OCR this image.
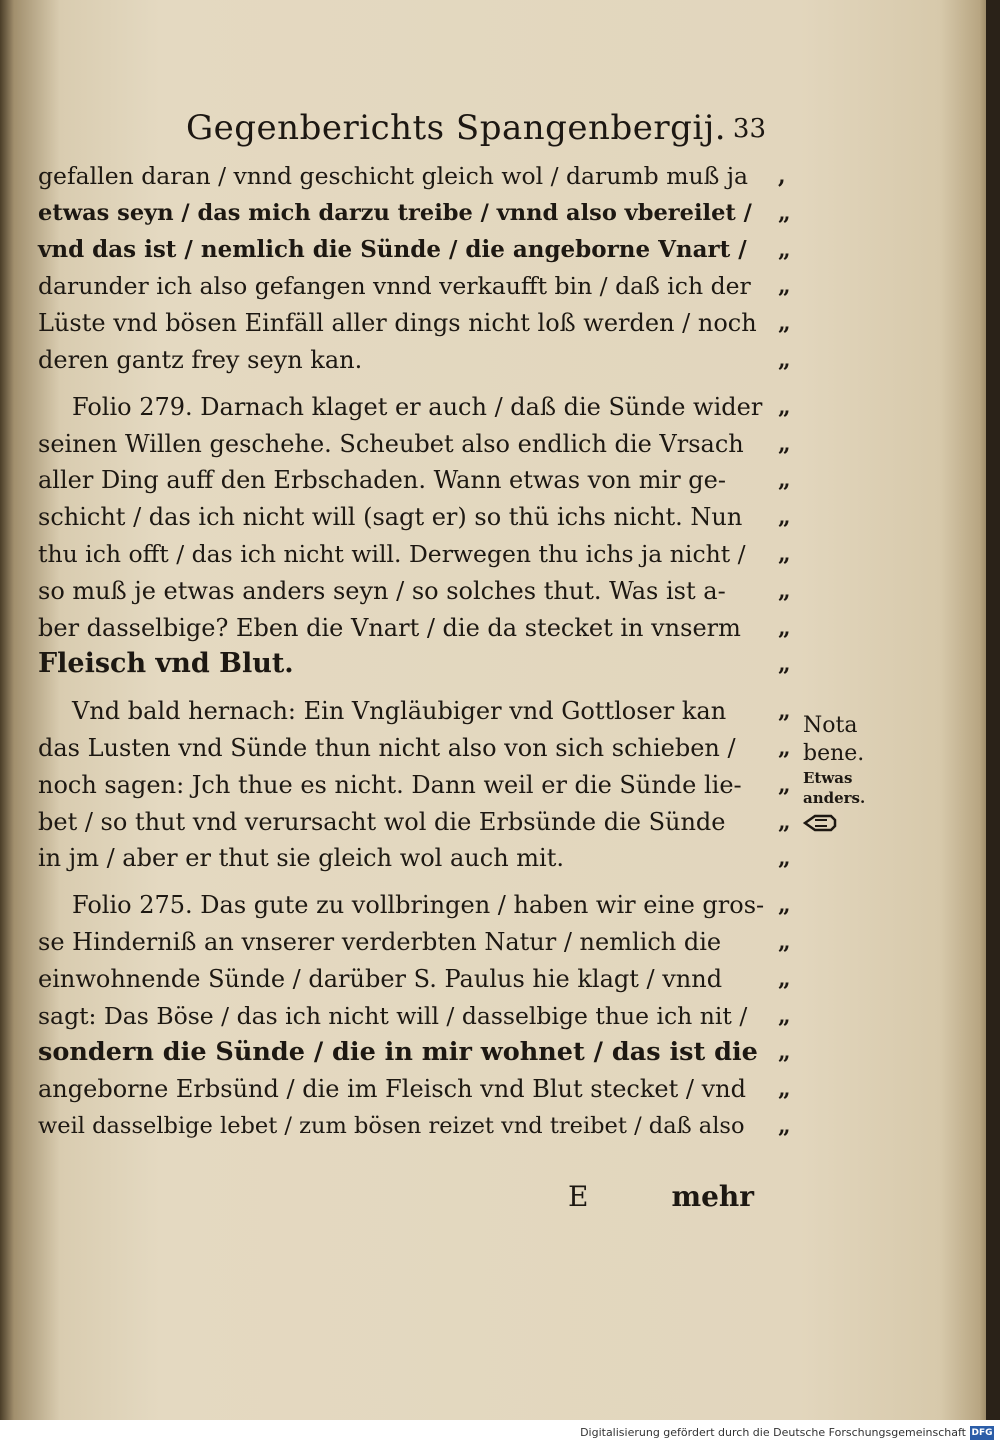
Gegenberichts Spangenbergij. 33
gefallen daran / vnnd geschicht gleich wol / darumb muß ja ,
etwas seyn / das mich darzu treibe / vnnd also vbereilet / „
vnd das ist / nemlich die Sünde / die angeborne Vnart / „
darunder ich also gefangen vnnd verkaufft bin / daß ich der „
Lüste vnd bösen Einfäll aller dings nicht loß werden / noch „
deren gantz frey seyn kan.	„
Folio 279. Darnach klaget er auch / daß die Sünde wider „
seinen Willen geschehe. Scheubet also endlich die Vrsach „
aller Ding auff den Erbschaden. Wann etwas von mir ge- „
schicht / das ich nicht will (sagt er) so thü ichs nicht. Nun „
thu ich offt / das ich nicht will. Derwegen thu ichs ja nicht / „
so muß je etwas anders seyn / so solches thut. Was ist a- „
ber dasselbige? Eben die Vnart / die da stecket in vnserm „
Fleisch vnd Blut.	„
Vnd bald hernach: Ein Vngläubiger vnd Gottloser kan „
das Lusten vnd Sünde thun nicht also von sich schieben / „
noch sagen: Jch thue es nicht. Dann weil er die Sünde lie- „
bet / so thut vnd verursacht wol die Erbsünde die Sünde „
in jm / aber er thut sie gleich wol auch mit.	„
Folio 275. Das gute zu vollbringen / haben wir eine gros- „
se Hinderniß an vnserer verderbten Natur / nemlich die	„
einwohnende Sünde / darüber S. Paulus hie klagt / vnnd	„
sagt: Das Böse / das ich nicht will / dasselbige thue ich nit / „
sondern die Sünde / die in mir wohnet / das ist die „
angeborne Erbsünd / die im Fleisch vnd Blut stecket / vnd „
weil dasselbige lebet / zum bösen reizet vnd treibet / daß also „
Nota
bene.
Etwas
anders.
E	mehr
Digitalisierung gefördert durch die Deutsche Forschungsgemeinschaft DFG
